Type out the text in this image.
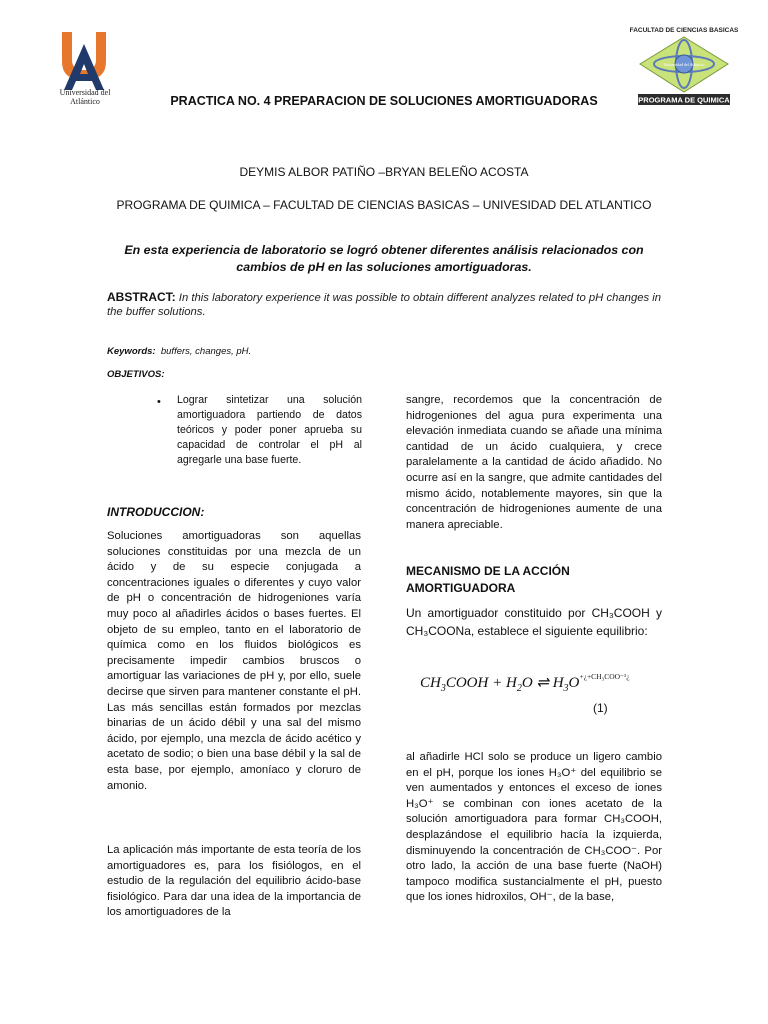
Universidad del Atlántico
FACULTAD DE CIENCIAS BASICAS
Universidad del Atlántico
PROGRAMA DE QUIMICA
PRACTICA NO. 4 PREPARACION DE SOLUCIONES AMORTIGUADORAS
DEYMIS ALBOR PATIÑO –BRYAN BELEÑO ACOSTA
PROGRAMA DE QUIMICA – FACULTAD DE CIENCIAS BASICAS – UNIVESIDAD DEL ATLANTICO
En esta experiencia de laboratorio se logró obtener diferentes análisis relacionados con cambios de pH en las soluciones amortiguadoras.
ABSTRACT: In this laboratory experience it was possible to obtain different analyzes related to pH changes in the buffer solutions.
Keywords: buffers, changes, pH.
OBJETIVOS:
• Lograr sintetizar una solución amortiguadora partiendo de datos teóricos y poder poner aprueba su capacidad de controlar el pH al agregarle una base fuerte.
INTRODUCCION:

Soluciones amortiguadoras son aquellas soluciones constituidas por una mezcla de un ácido y de su especie conjugada a concentraciones iguales o diferentes y cuyo valor de pH o concentración de hidrogeniones varía muy poco al añadirles ácidos o bases fuertes. El objeto de su empleo, tanto en el laboratorio de química como en los fluidos biológicos es precisamente impedir cambios bruscos o amortiguar las variaciones de pH y, por ello, suele decirse que sirven para mantener constante el pH. Las más sencillas están formados por mezclas binarias de un ácido débil y una sal del mismo ácido, por ejemplo, una mezcla de ácido acético y acetato de sodio; o bien una base débil y la sal de esta base, por ejemplo, amoníaco y cloruro de amonio.

La aplicación más importante de esta teoría de los amortiguadores es, para los fisiólogos, en el estudio de la regulación del equilibrio ácido-base fisiológico. Para dar una idea de la importancia de los amortiguadores de la

sangre, recordemos que la concentración de hidrogeniones del agua pura experimenta una elevación inmediata cuando se añade una mínima cantidad de un ácido cualquiera, y crece paralelamente a la cantidad de ácido añadido. No ocurre así en la sangre, que admite cantidades del mismo ácido, notablemente mayores, sin que la concentración de hidrogeniones aumente de una manera apreciable.

MECANISMO DE LA ACCIÓN AMORTIGUADORA

Un amortiguador constituido por CH₃COOH y CH₃COONa, establece el siguiente equilibrio:

$CH_3COOH + H_2O$ ⇌ $H_3O^{+¿+CH_3COO^{-1}¿}$
(1)

al añadirle HCl solo se produce un ligero cambio en el pH, porque los iones H₃O⁺ del equilibrio se ven aumentados y entonces el exceso de iones H₃O⁺ se combinan con iones acetato de la solución amortiguadora para formar CH₃COOH, desplazándose el equilibrio hacía la izquierda, disminuyendo la concentración de CH₃COO⁻. Por otro lado, la acción de una base fuerte (NaOH) tampoco modifica sustancialmente el pH, puesto que los iones hidroxilos, OH⁻, de la base,
